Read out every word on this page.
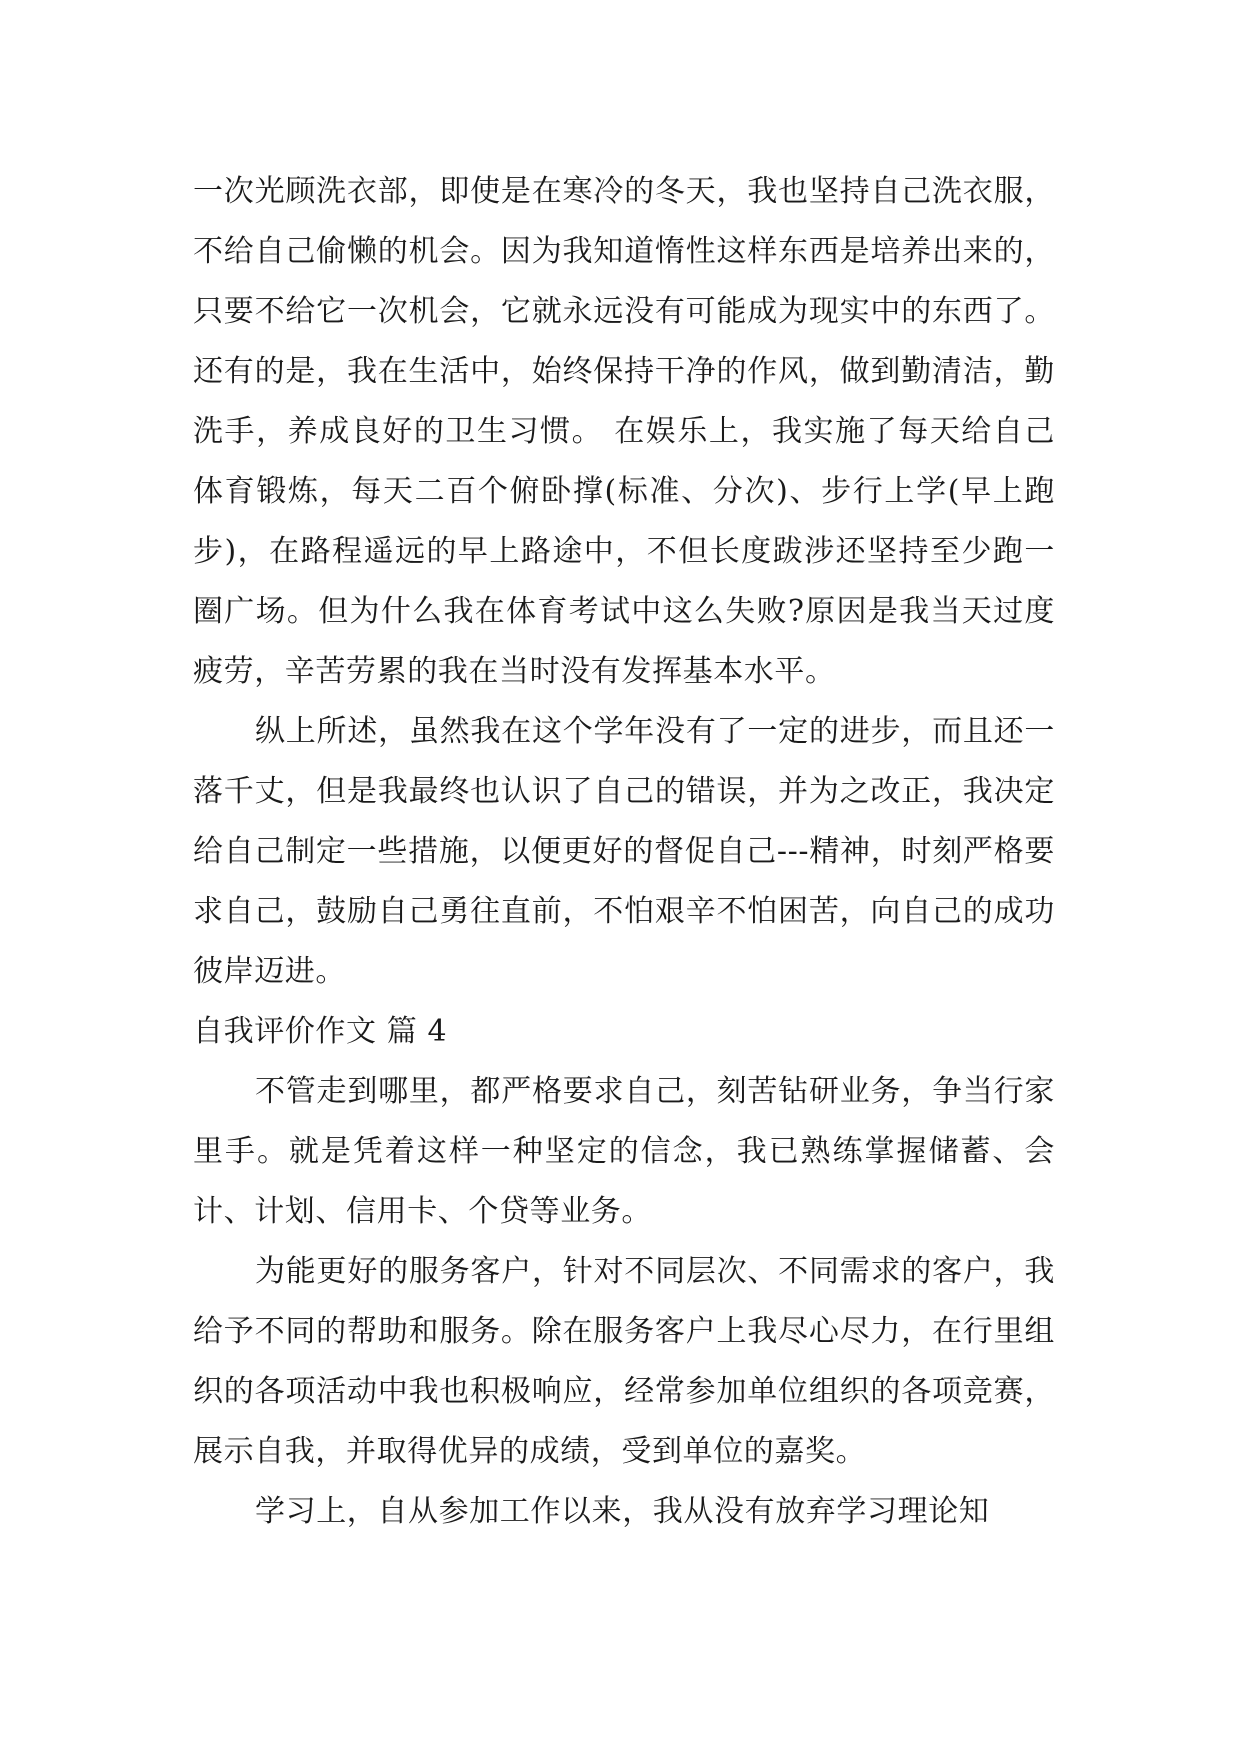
一次光顾洗衣部，即使是在寒冷的冬天，我也坚持自己洗衣服，不给自己偷懒的机会。因为我知道惰性这样东西是培养出来的，只要不给它一次机会，它就永远没有可能成为现实中的东西了。还有的是，我在生活中，始终保持干净的作风，做到勤清洁，勤洗手，养成良好的卫生习惯。 在娱乐上，我实施了每天给自己体育锻炼，每天二百个俯卧撑(标准、分次)、步行上学(早上跑步)，在路程遥远的早上路途中，不但长度跋涉还坚持至少跑一圈广场。但为什么我在体育考试中这么失败?原因是我当天过度疲劳，辛苦劳累的我在当时没有发挥基本水平。

纵上所述，虽然我在这个学年没有了一定的进步，而且还一落千丈，但是我最终也认识了自己的错误，并为之改正，我决定给自己制定一些措施，以便更好的督促自己---精神，时刻严格要求自己，鼓励自己勇往直前，不怕艰辛不怕困苦，向自己的成功彼岸迈进。

自我评价作文 篇 4

不管走到哪里，都严格要求自己，刻苦钻研业务，争当行家里手。就是凭着这样一种坚定的信念，我已熟练掌握储蓄、会计、计划、信用卡、个贷等业务。

为能更好的服务客户，针对不同层次、不同需求的客户，我给予不同的帮助和服务。除在服务客户上我尽心尽力，在行里组织的各项活动中我也积极响应，经常参加单位组织的各项竞赛，展示自我，并取得优异的成绩，受到单位的嘉奖。

学习上，自从参加工作以来，我从没有放弃学习理论知
